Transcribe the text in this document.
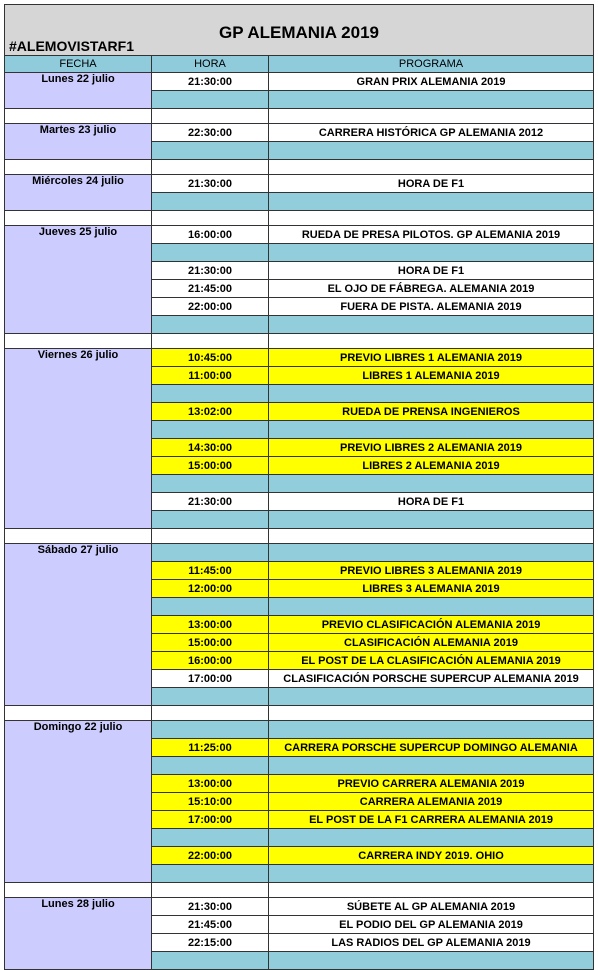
GP ALEMANIA 2019
#ALEMOVISTARF1		

FECHA	HORA	PROGRAMA
Lunes 22 julio	21:30:00	GRAN PRIX ALEMANIA 2019

Martes 23 julio	22:30:00	CARRERA HISTÓRICA GP ALEMANIA 2012

Miércoles 24 julio	21:30:00	HORA DE F1

Jueves 25 julio	16:00:00	RUEDA DE PRESA PILOTOS. GP ALEMANIA 2019

	21:30:00	HORA DE F1
	21:45:00	EL OJO DE FÁBREGA. ALEMANIA 2019
	22:00:00	FUERA DE PISTA. ALEMANIA 2019

Viernes 26 julio	10:45:00	PREVIO LIBRES 1 ALEMANIA 2019
	11:00:00	LIBRES 1 ALEMANIA 2019

	13:02:00	RUEDA DE PRENSA INGENIEROS

	14:30:00	PREVIO LIBRES 2 ALEMANIA 2019
	15:00:00	LIBRES 2 ALEMANIA 2019

	21:30:00	HORA DE F1

Sábado 27 julio		
	11:45:00	PREVIO LIBRES 3 ALEMANIA 2019
	12:00:00	LIBRES 3 ALEMANIA 2019

	13:00:00	PREVIO CLASIFICACIÓN ALEMANIA 2019
	15:00:00	CLASIFICACIÓN ALEMANIA 2019
	16:00:00	EL POST DE LA CLASIFICACIÓN ALEMANIA 2019
	17:00:00	CLASIFICACIÓN PORSCHE SUPERCUP ALEMANIA 2019

Domingo 22 julio		
	11:25:00	CARRERA PORSCHE SUPERCUP DOMINGO ALEMANIA

	13:00:00	PREVIO CARRERA ALEMANIA 2019
	15:10:00	CARRERA ALEMANIA 2019
	17:00:00	EL POST DE LA F1 CARRERA ALEMANIA 2019

	22:00:00	CARRERA INDY 2019. OHIO

Lunes 28 julio	21:30:00	SÚBETE AL GP ALEMANIA 2019
	21:45:00	EL PODIO DEL GP ALEMANIA 2019
	22:15:00	LAS RADIOS DEL GP ALEMANIA 2019
